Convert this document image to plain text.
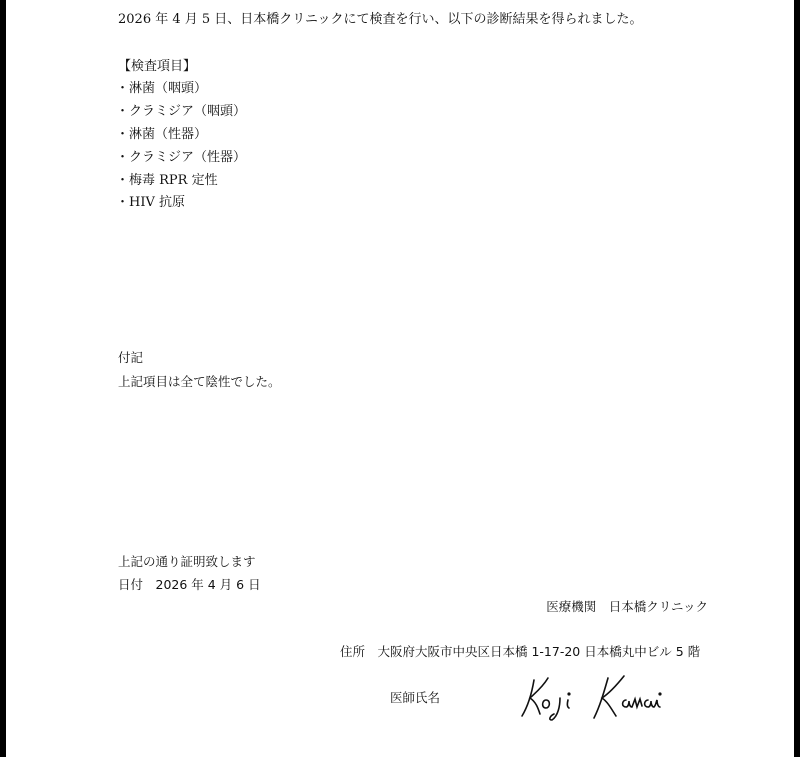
2026 年 4 月 5 日、日本橋クリニックにて検査を行い、以下の診断結果を得られました。
【検査項目】
・淋菌（咽頭）
・クラミジア（咽頭）
・淋菌（性器）
・クラミジア（性器）
・梅毒 RPR 定性
・HIV 抗原
付記
上記項目は全て陰性でした。
上記の通り証明致します
日付　2026 年 4 月 6 日
医療機関　日本橋クリニック
住所　大阪府大阪市中央区日本橋 1-17-20 日本橋丸中ビル 5 階
医師氏名
